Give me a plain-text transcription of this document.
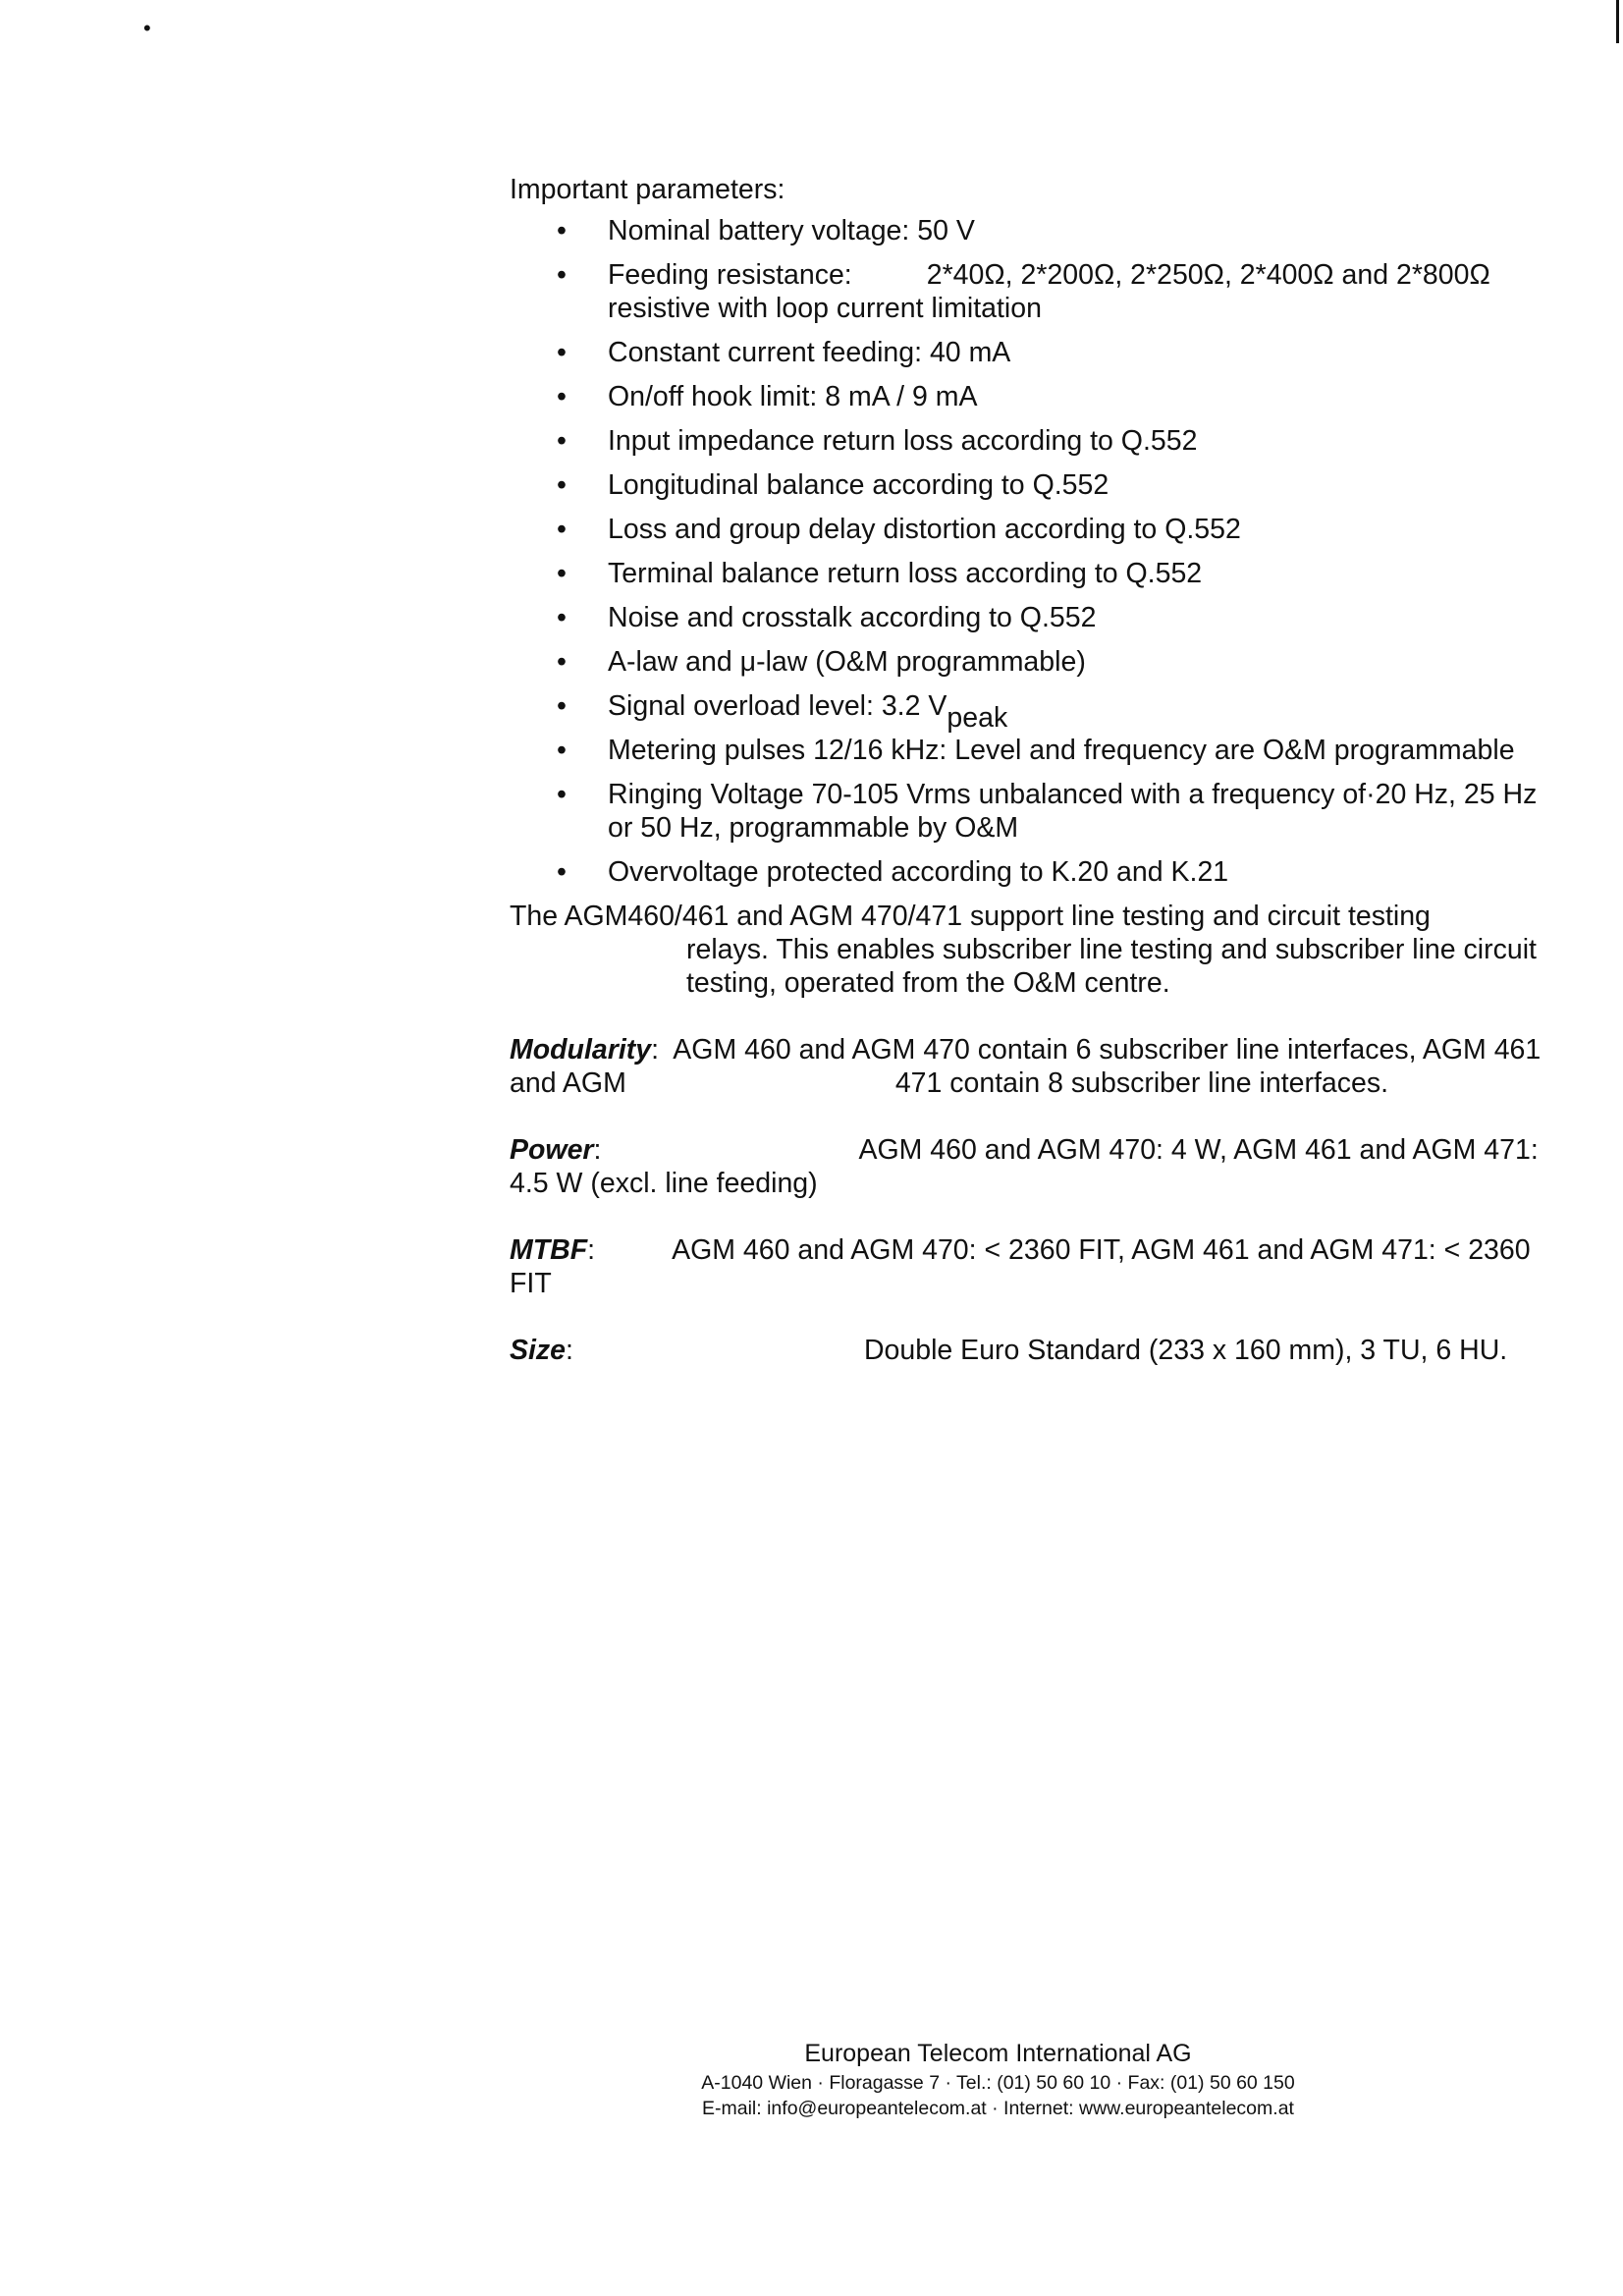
•

Important parameters:

• Nominal battery voltage: 50 V
• Feeding resistance:	2*40Ω, 2*200Ω, 2*250Ω, 2*400Ω and 2*800Ω resistive with loop current limitation
• Constant current feeding: 40 mA
• On/off hook limit: 8 mA / 9 mA
• Input impedance return loss according to Q.552
• Longitudinal balance according to Q.552
• Loss and group delay distortion according to Q.552
• Terminal balance return loss according to Q.552
• Noise and crosstalk according to Q.552
• A-law and μ-law (O&M programmable)
• Signal overload level: 3.2 $V_{peak}$
• Metering pulses 12/16 kHz: Level and frequency are O&M programmable
• Ringing Voltage 70-105 Vrms unbalanced with a frequency of·20 Hz, 25 Hz or 50 Hz, programmable by O&M
• Overvoltage protected according to K.20 and K.21

The AGM460/461 and AGM 470/471 support line testing and circuit testing
relays. This enables subscriber line testing and subscriber line circuit testing, operated from the O&M centre.

Modularity:  AGM 460 and AGM 470 contain 6 subscriber line interfaces, AGM 461 and AGM	471 contain 8 subscriber line interfaces.

Power:	AGM 460 and AGM 470: 4 W, AGM 461 and AGM 471: 4.5 W (excl. line feeding)

MTBF:	AGM 460 and AGM 470: < 2360 FIT, AGM 461 and AGM 471: < 2360 FIT

Size:	Double Euro Standard (233 x 160 mm), 3 TU, 6 HU.

European Telecom International AG
A-1040 Wien · Floragasse 7 · Tel.: (01) 50 60 10 · Fax: (01) 50 60 150
E-mail: info@europeantelecom.at · Internet: www.europeantelecom.at
